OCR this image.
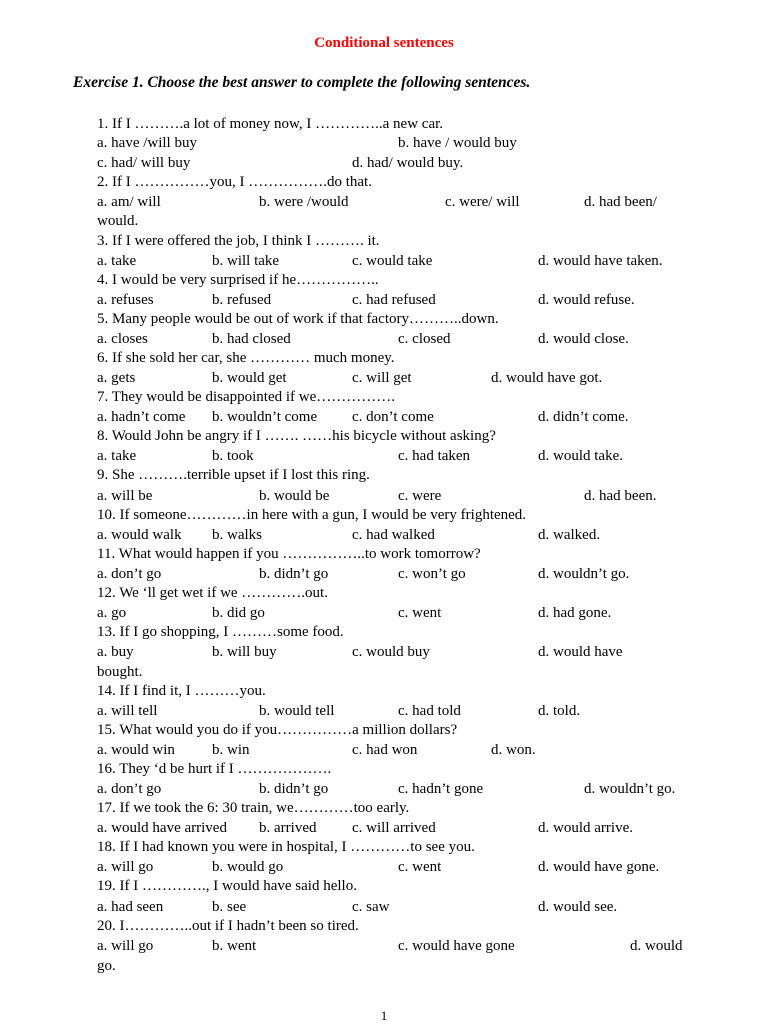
Conditional sentences
Exercise 1. Choose the best answer to complete the following sentences.
1. If I ……….a lot of money now, I …………..a new car.
a. have /will buy	b. have / would buy
c. had/ will buy	d. had/ would buy.
2. If I ……………you, I …………….do that.
a. am/ will	b. were /would	c. were/ will	d. had been/
would.
3. If I were offered the job, I think I ………. it.
a. take	b. will take	c. would take	d. would have taken.
4. I would be very surprised if he……………..
a. refuses	b. refused	c. had refused	d. would refuse.
5. Many people would be out of work if that factory………..down.
a. closes	b. had closed	c. closed	d. would close.
6. If she sold her car, she ………… much money.
a. gets	b. would get	c. will get	d. would have got.
7. They would be disappointed if we…………….
a. hadn’t come b. wouldn’t come c. don’t come	d. didn’t come.
8. Would John be angry if I ……. ……his bicycle without asking?
a. take	b. took	c. had taken	d. would take.
9. She ……….terrible upset if I lost this ring.
a. will be	b. would be	c. were	d. had been.
10. If someone…………in here with a gun, I would be very frightened.
a. would walk b. walks	c. had walked	d. walked.
11. What would happen if you ……………..to work tomorrow?
a. don’t go	b. didn’t go	c. won’t go	d. wouldn’t go.
12. We ‘ll get wet if we ………….out.
a. go	b. did go	c. went	d. had gone.
13. If I go shopping, I ………some food.
a. buy	b. will buy	c. would buy	d. would have
bought.
14. If I find it, I ………you.
a. will tell	b. would tell	c. had told	d. told.
15. What would you do if you……………a million dollars?
a. would win b. win	c. had won	d. won.
16. They ‘d be hurt if I ……………….
a. don’t go	b. didn’t go	c. hadn’t gone	d. wouldn’t go.
17. If we took the 6: 30 train, we…………too early.
a. would have arrived b. arrived c. will arrived	d. would arrive.
18. If I had known you were in hospital, I …………to see you.
a. will go	b. would go	c. went	d. would have gone.
19. If I …………., I would have said hello.
a. had seen	b. see	c. saw	d. would see.
20. I…………..out if I hadn’t been so tired.
a. will go	b. went	c. would have gone	d. would
go.
1
